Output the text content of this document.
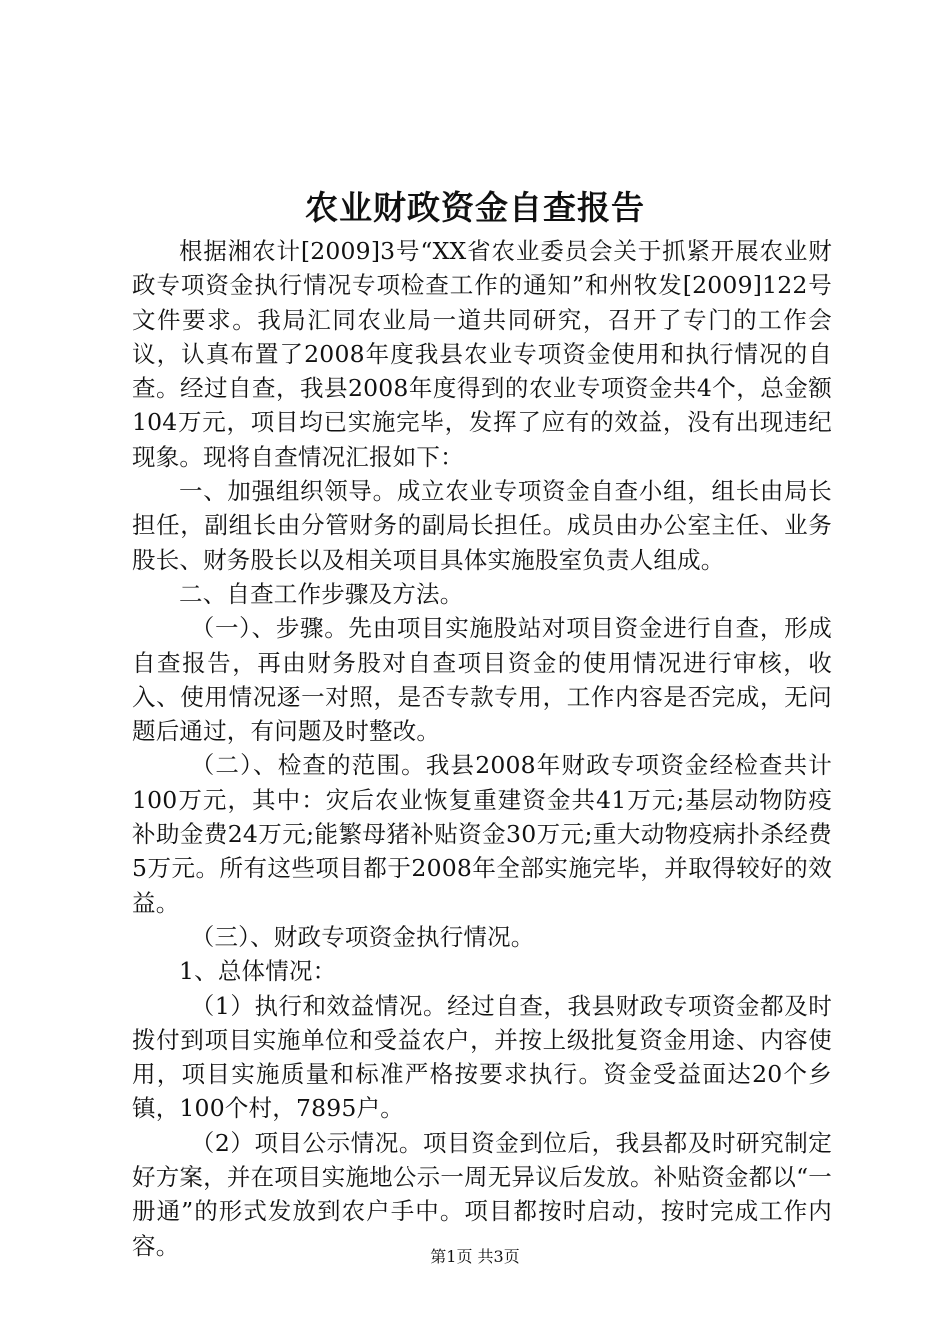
农业财政资金自查报告

根据湘农计[2009]3号“XX省农业委员会关于抓紧开展农业财政专项资金执行情况专项检查工作的通知”和州牧发[2009]122号文件要求。我局汇同农业局一道共同研究，召开了专门的工作会议，认真布置了2008年度我县农业专项资金使用和执行情况的自查。经过自查，我县2008年度得到的农业专项资金共4个，总金额104万元，项目均已实施完毕，发挥了应有的效益，没有出现违纪现象。现将自查情况汇报如下：

一、加强组织领导。成立农业专项资金自查小组，组长由局长担任，副组长由分管财务的副局长担任。成员由办公室主任、业务股长、财务股长以及相关项目具体实施股室负责人组成。

二、自查工作步骤及方法。

（一）、步骤。先由项目实施股站对项目资金进行自查，形成自查报告，再由财务股对自查项目资金的使用情况进行审核，收入、使用情况逐一对照，是否专款专用，工作内容是否完成，无问题后通过，有问题及时整改。

（二）、检查的范围。我县2008年财政专项资金经检查共计100万元，其中：灾后农业恢复重建资金共41万元;基层动物防疫补助金费24万元;能繁母猪补贴资金30万元;重大动物疫病扑杀经费5万元。所有这些项目都于2008年全部实施完毕，并取得较好的效益。

（三）、财政专项资金执行情况。

1、总体情况：

（1）执行和效益情况。经过自查，我县财政专项资金都及时拨付到项目实施单位和受益农户，并按上级批复资金用途、内容使用，项目实施质量和标准严格按要求执行。资金受益面达20个乡镇，100个村，7895户。

（2）项目公示情况。项目资金到位后，我县都及时研究制定好方案，并在项目实施地公示一周无异议后发放。补贴资金都以“一册通”的形式发放到农户手中。项目都按时启动，按时完成工作内容。	第1页 共3页
